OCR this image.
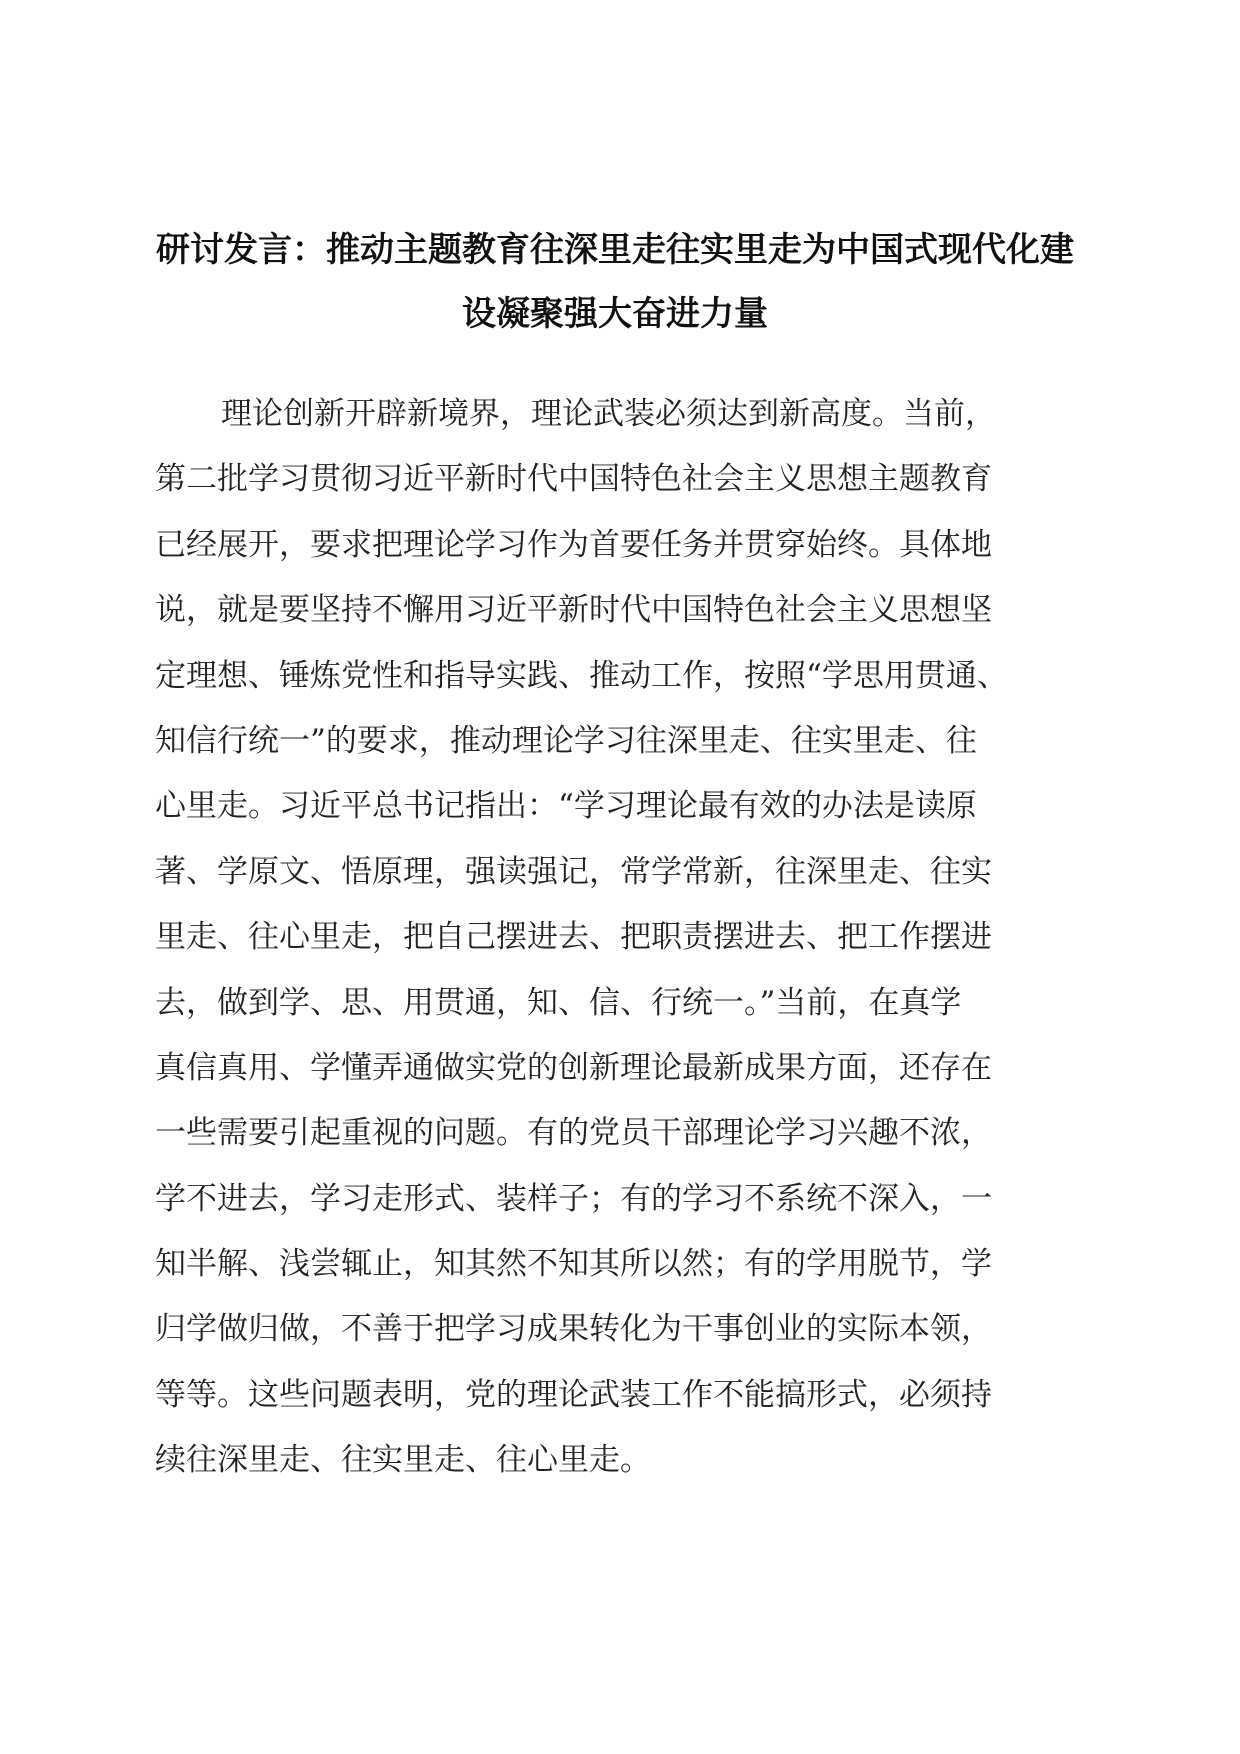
研讨发言：推动主题教育往深里走往实里走为中国式现代化建
设凝聚强大奋进力量
理论创新开辟新境界，理论武装必须达到新高度。当前，
第二批学习贯彻习近平新时代中国特色社会主义思想主题教育
已经展开，要求把理论学习作为首要任务并贯穿始终。具体地
说，就是要坚持不懈用习近平新时代中国特色社会主义思想坚
定理想、锤炼党性和指导实践、推动工作，按照“学思用贯通、
知信行统一”的要求，推动理论学习往深里走、往实里走、往
心里走。习近平总书记指出：“学习理论最有效的办法是读原
著、学原文、悟原理，强读强记，常学常新，往深里走、往实
里走、往心里走，把自己摆进去、把职责摆进去、把工作摆进
去，做到学、思、用贯通，知、信、行统一。”当前，在真学
真信真用、学懂弄通做实党的创新理论最新成果方面，还存在
一些需要引起重视的问题。有的党员干部理论学习兴趣不浓，
学不进去，学习走形式、装样子；有的学习不系统不深入，一
知半解、浅尝辄止，知其然不知其所以然；有的学用脱节，学
归学做归做，不善于把学习成果转化为干事创业的实际本领，
等等。这些问题表明，党的理论武装工作不能搞形式，必须持
续往深里走、往实里走、往心里走。
